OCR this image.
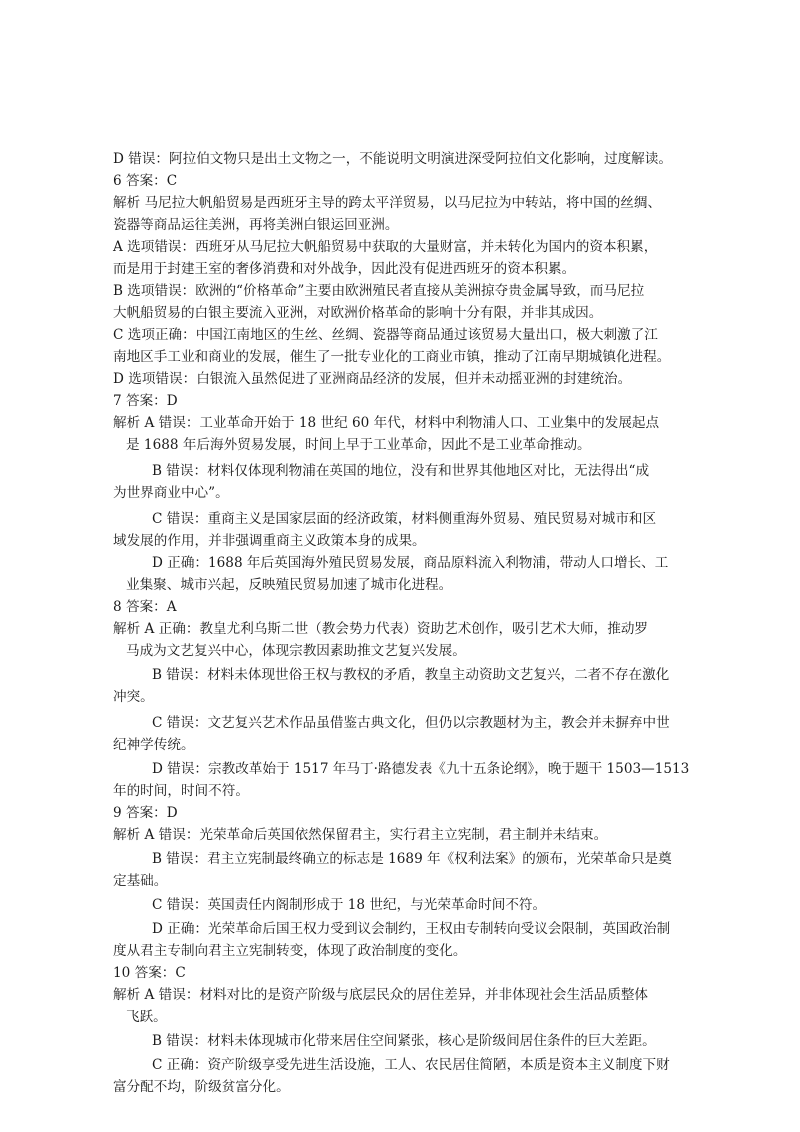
D 错误：阿拉伯文物只是出土文物之一，不能说明文明演进深受阿拉伯文化影响，过度解读。
6 答案：C
解析 马尼拉大帆船贸易是西班牙主导的跨太平洋贸易，以马尼拉为中转站，将中国的丝绸、
瓷器等商品运往美洲，再将美洲白银运回亚洲。
A 选项错误：西班牙从马尼拉大帆船贸易中获取的大量财富，并未转化为国内的资本积累，
而是用于封建王室的奢侈消费和对外战争，因此没有促进西班牙的资本积累。
B 选项错误：欧洲的“价格革命”主要由欧洲殖民者直接从美洲掠夺贵金属导致，而马尼拉
大帆船贸易的白银主要流入亚洲，对欧洲价格革命的影响十分有限，并非其成因。
C 选项正确：中国江南地区的生丝、丝绸、瓷器等商品通过该贸易大量出口，极大刺激了江
南地区手工业和商业的发展，催生了一批专业化的工商业市镇，推动了江南早期城镇化进程。
D 选项错误：白银流入虽然促进了亚洲商品经济的发展，但并未动摇亚洲的封建统治。
7 答案：D
解析 A 错误：工业革命开始于 18 世纪 60 年代，材料中利物浦人口、工业集中的发展起点
是 1688 年后海外贸易发展，时间上早于工业革命，因此不是工业革命推动。
B 错误：材料仅体现利物浦在英国的地位，没有和世界其他地区对比，无法得出“成
为世界商业中心”。
C 错误：重商主义是国家层面的经济政策，材料侧重海外贸易、殖民贸易对城市和区
域发展的作用，并非强调重商主义政策本身的成果。
D 正确：1688 年后英国海外殖民贸易发展，商品原料流入利物浦，带动人口增长、工
业集聚、城市兴起，反映殖民贸易加速了城市化进程。
8 答案：A
解析 A 正确：教皇尤利乌斯二世（教会势力代表）资助艺术创作，吸引艺术大师，推动罗
马成为文艺复兴中心，体现宗教因素助推文艺复兴发展。
B 错误：材料未体现世俗王权与教权的矛盾，教皇主动资助文艺复兴，二者不存在激化
冲突。
C 错误：文艺复兴艺术作品虽借鉴古典文化，但仍以宗教题材为主，教会并未摒弃中世
纪神学传统。
D 错误：宗教改革始于 1517 年马丁·路德发表《九十五条论纲》，晚于题干 1503—1513
年的时间，时间不符。
9 答案：D
解析 A 错误：光荣革命后英国依然保留君主，实行君主立宪制，君主制并未结束。
B 错误：君主立宪制最终确立的标志是 1689 年《权利法案》的颁布，光荣革命只是奠
定基础。
C 错误：英国责任内阁制形成于 18 世纪，与光荣革命时间不符。
D 正确：光荣革命后国王权力受到议会制约，王权由专制转向受议会限制，英国政治制
度从君主专制向君主立宪制转变，体现了政治制度的变化。
10 答案：C
解析 A 错误：材料对比的是资产阶级与底层民众的居住差异，并非体现社会生活品质整体
飞跃。
B 错误：材料未体现城市化带来居住空间紧张，核心是阶级间居住条件的巨大差距。
C 正确：资产阶级享受先进生活设施，工人、农民居住简陋，本质是资本主义制度下财
富分配不均，阶级贫富分化。
